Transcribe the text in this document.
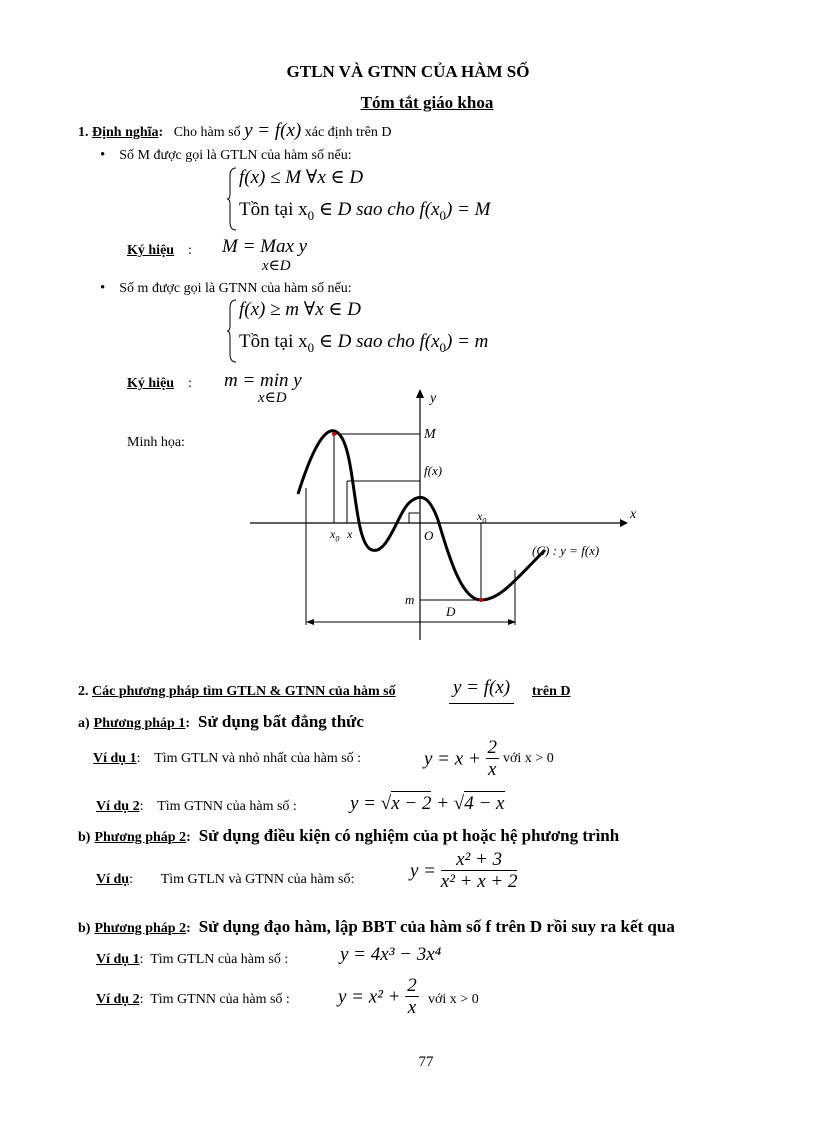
GTLN VÀ GTNN CỦA HÀM SỐ
Tóm tắt giáo khoa
1. Định nghĩa: Cho hàm số y = f(x) xác định trên D
• Số M được gọi là GTLN của hàm số nếu:
f(x) ≤ M ∀x ∈ D
Tồn tại $x_0$ ∈ D sao cho $f(x_0) = M$
Ký hiệu : M = Max y
x∈D
• Số m được gọi là GTNN của hàm số nếu:
f(x) ≥ m ∀x ∈ D
Tồn tại $x_0$ ∈ D sao cho $f(x_0) = m$
Ký hiệu : m = min y
x∈D
Minh họa:
y
x
M
f(x)
$x_0$
$x_0$ x	O
(C) : y = f(x)
m
D
2. Các phương pháp tìm GTLN & GTNN của hàm số	y = f(x) trên D
a) Phương pháp 1: Sử dụng bất đẳng thức
Ví dụ 1:    Tìm GTLN và nhỏ nhất của hàm số :	$y = x + \frac{2}{x}$ với x > 0
Ví dụ 2:    Tìm GTNN của hàm số :	y = √x − 2 + √4 − x
b) Phương pháp 2: Sử dụng điều kiện có nghiệm của pt hoặc hệ phương trình
Ví dụ:        Tìm GTLN và GTNN của hàm số:	$y = \frac{\text{x² + 3}}{\text{x² + x + 2}}$
b) Phương pháp 2: Sử dụng đạo hàm, lập BBT của hàm số f trên D rồi suy ra kết qua
Ví dụ 1:  Tìm GTLN của hàm số :	y = 4x³ − 3x⁴
Ví dụ 2:  Tìm GTNN của hàm số :	$y = x^2 + \frac{2}{x}$ với x > 0
77
